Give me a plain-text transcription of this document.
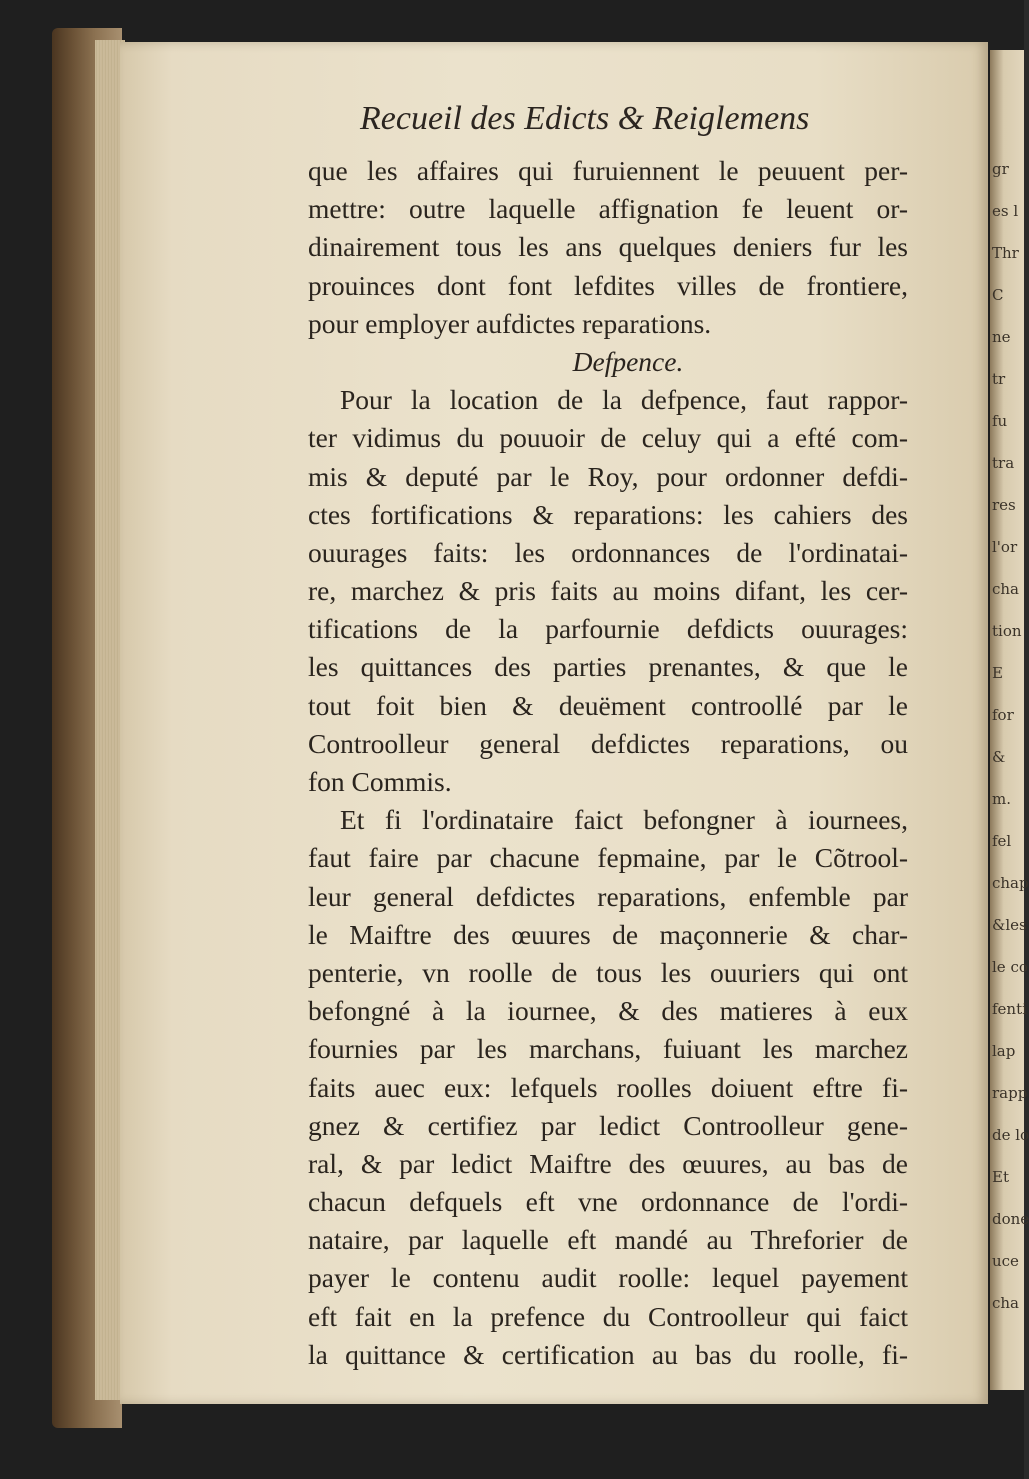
gr
es l
Thr
C
ne
tr
fu
tra
res
l'or
cha
tion
E
for
&
m.
fel
chap
&les
le co
fenti
lap
rapp
de lo
Et
done
uce
cha
Recueil des Edicts & Reiglemens
que les affaires qui furuiennent le peuuent per-
mettre: outre laquelle affignation fe leuent or-
dinairement tous les ans quelques deniers fur les
prouinces dont font lefdites villes de frontiere,
pour employer aufdictes reparations.
Defpence.
Pour la location de la defpence, faut rappor-
ter vidimus du pouuoir de celuy qui a efté com-
mis & deputé par le Roy, pour ordonner defdi-
ctes fortifications & reparations: les cahiers des
ouurages faits: les ordonnances de l'ordinatai-
re, marchez & pris faits au moins difant, les cer-
tifications de la parfournie defdicts ouurages:
les quittances des parties prenantes, & que le
tout foit bien & deuëment controollé par le
Controolleur general defdictes reparations, ou
fon Commis.
Et fi l'ordinataire faict befongner à iournees,
faut faire par chacune fepmaine, par le Cõtrool-
leur general defdictes reparations, enfemble par
le Maiftre des œuures de maçonnerie & char-
penterie, vn roolle de tous les ouuriers qui ont
befongné à la iournee, & des matieres à eux
fournies par les marchans, fuiuant les marchez
faits auec eux: lefquels roolles doiuent eftre fi-
gnez & certifiez par ledict Controolleur gene-
ral, & par ledict Maiftre des œuures, au bas de
chacun defquels eft vne ordonnance de l'ordi-
nataire, par laquelle eft mandé au Threforier de
payer le contenu audit roolle: lequel payement
eft fait en la prefence du Controolleur qui faict
la quittance & certification au bas du roolle, fi-
